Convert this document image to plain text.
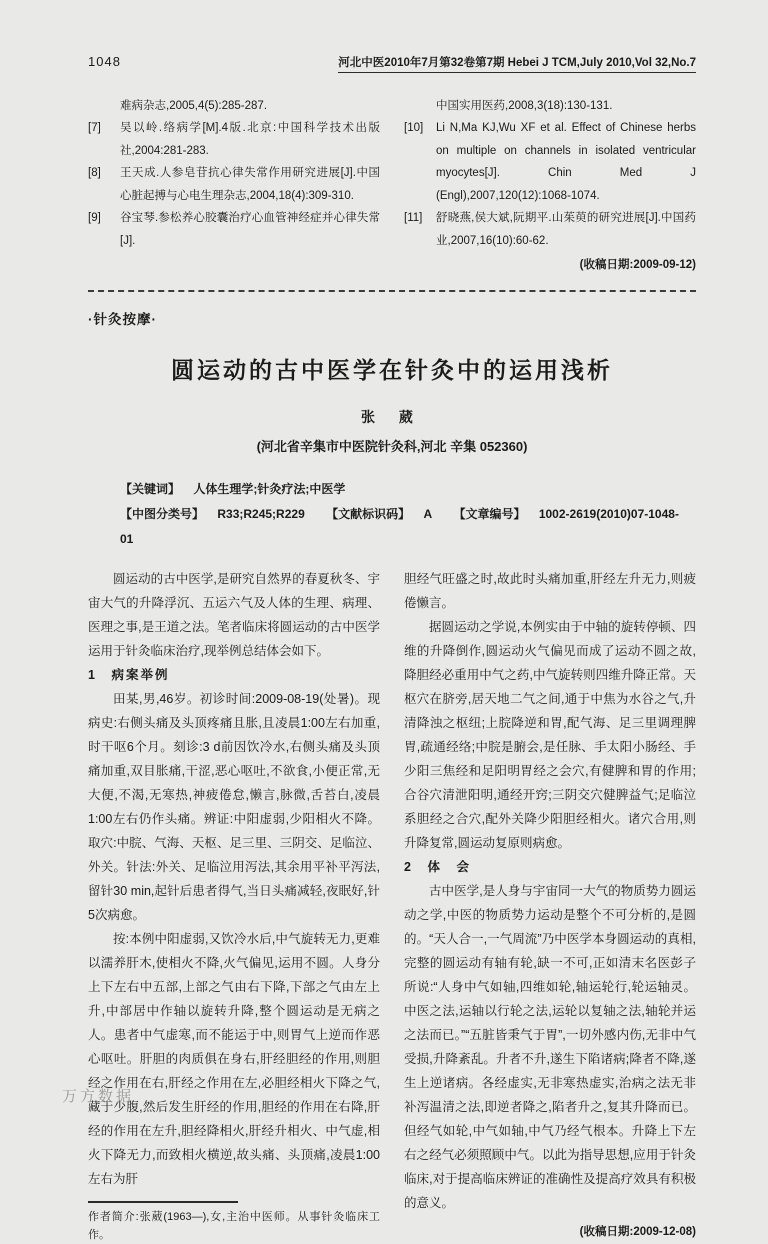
1048	河北中医2010年7月第32卷第7期 Hebei J TCM,July 2010,Vol 32,No.7
难病杂志,2005,4(5):285-287.
[7]	吴以岭.络病学[M].4版.北京:中国科学技术出版社,2004:281-283.
[8]	王天成.人参皂苷抗心律失常作用研究进展[J].中国心脏起搏与心电生理杂志,2004,18(4):309-310.
[9]	谷宝琴.参松养心胶囊治疗心血管神经症并心律失常[J].
中国实用医药,2008,3(18):130-131.
[10]	Li N,Ma KJ,Wu XF et al. Effect of Chinese herbs on multiple on channels in isolated ventricular myocytes[J]. Chin Med J (Engl),2007,120(12):1068-1074.
[11]	舒晓燕,侯大斌,阮期平.山茱萸的研究进展[J].中国药业,2007,16(10):60-62.
(收稿日期:2009-09-12)
·针灸按摩·
圆运动的古中医学在针灸中的运用浅析
张 葳
(河北省辛集市中医院针灸科,河北 辛集 052360)
【关键词】 人体生理学;针灸疗法;中医学
【中图分类号】 R33;R245;R229 【文献标识码】 A 【文章编号】 1002-2619(2010)07-1048-01

圆运动的古中医学,是研究自然界的春夏秋冬、宇宙大气的升降浮沉、五运六气及人体的生理、病理、医理之事,是王道之法。笔者临床将圆运动的古中医学运用于针灸临床治疗,现举例总结体会如下。

1　病案举例

田某,男,46岁。初诊时间:2009-08-19(处暑)。现病史:右侧头痛及头顶疼痛且胀,且凌晨1:00左右加重,时干呕6个月。刻诊:3 d前因饮冷水,右侧头痛及头顶痛加重,双目胀痛,干涩,恶心呕吐,不欲食,小便正常,无大便,不渴,无寒热,神疲倦怠,懒言,脉微,舌苔白,凌晨1:00左右仍作头痛。辨证:中阳虚弱,少阳相火不降。取穴:中脘、气海、天枢、足三里、三阴交、足临泣、外关。针法:外关、足临泣用泻法,其余用平补平泻法,留针30 min,起针后患者得气,当日头痛减轻,夜眠好,针5次病愈。

按:本例中阳虚弱,又饮冷水后,中气旋转无力,更难以濡养肝木,使相火不降,火气偏见,运用不圆。人身分上下左右中五部,上部之气由右下降,下部之气由左上升,中部居中作轴以旋转升降,整个圆运动是无病之人。患者中气虚寒,而不能运于中,则胃气上逆而作恶心呕吐。肝胆的肉质俱在身右,肝经胆经的作用,则胆经之作用在右,肝经之作用在左,必胆经相火下降之气,藏于少腹,然后发生肝经的作用,胆经的作用在右降,肝经的作用在左升,胆经降相火,肝经升相火、中气虚,相火下降无力,而致相火横逆,故头痛、头顶痛,凌晨1:00左右为肝

作者简介:张葳(1963—),女,主治中医师。从事针灸临床工作。

胆经气旺盛之时,故此时头痛加重,肝经左升无力,则疲倦懒言。

据圆运动之学说,本例实由于中轴的旋转停顿、四维的升降倒作,圆运动火气偏见而成了运动不圆之故,降胆经必重用中气之药,中气旋转则四维升降正常。天枢穴在脐旁,居天地二气之间,通于中焦为水谷之气,升清降浊之枢纽;上脘降逆和胃,配气海、足三里调理脾胃,疏通经络;中脘是腑会,是任脉、手太阳小肠经、手少阳三焦经和足阳明胃经之会穴,有健脾和胃的作用;合谷穴清泄阳明,通经开窍;三阴交穴健脾益气;足临泣系胆经之合穴,配外关降少阳胆经相火。诸穴合用,则升降复常,圆运动复原则病愈。

2　体　会

古中医学,是人身与宇宙同一大气的物质势力圆运动之学,中医的物质势力运动是整个不可分析的,是圆的。“天人合一,一气周流”乃中医学本身圆运动的真相,完整的圆运动有轴有轮,缺一不可,正如清末名医彭子所说:“人身中气如轴,四维如轮,轴运轮行,轮运轴灵。中医之法,运轴以行轮之法,运轮以复轴之法,轴轮并运之法而已。”“五脏皆秉气于胃”,一切外感内伤,无非中气受损,升降紊乱。升者不升,遂生下陷诸病;降者不降,遂生上逆诸病。各经虚实,无非寒热虚实,治病之法无非补泻温清之法,即逆者降之,陷者升之,复其升降而已。但经气如轮,中气如轴,中气乃经气根本。升降上下左右之经气必须照顾中气。以此为指导思想,应用于针灸临床,对于提高临床辨证的准确性及提高疗效具有积极的意义。

(收稿日期:2009-12-08)
万方数据
